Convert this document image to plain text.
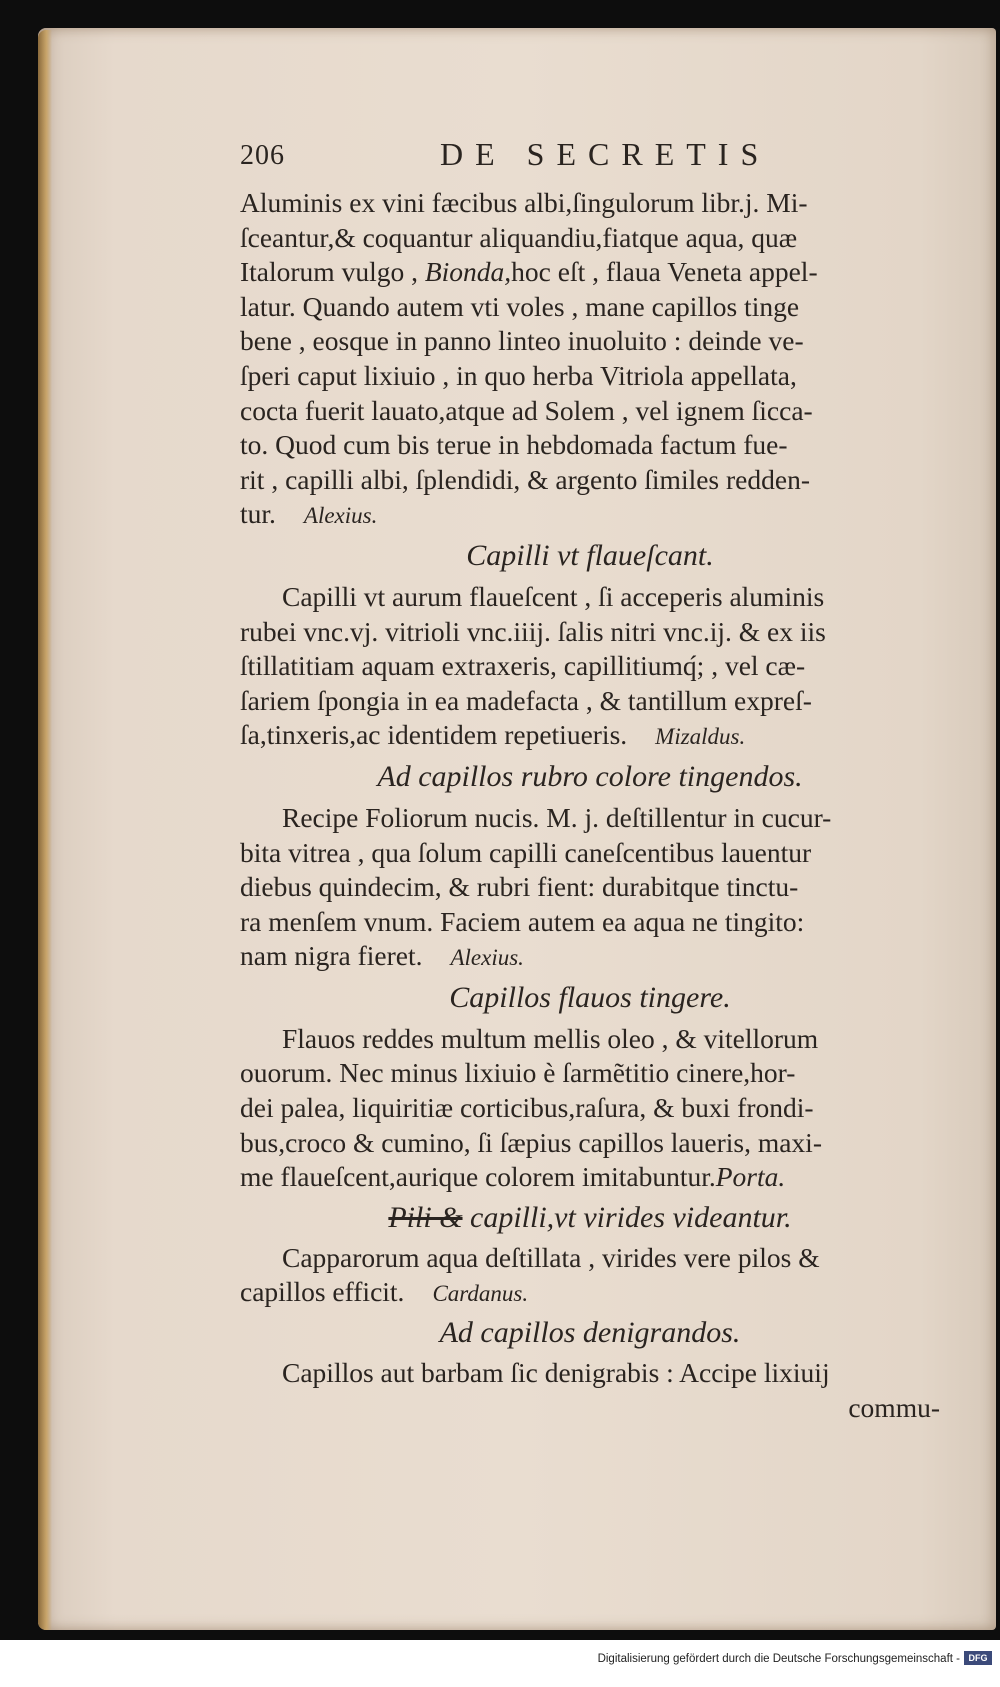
206	DE SECRETIS
Aluminis ex vini fæcibus albi,ſingulorum libr.j. Mi-
ſceantur,& coquantur aliquandiu,fiatque aqua, quæ
Italorum vulgo , Bionda,hoc eſt , flaua Veneta appel-
latur. Quando autem vti voles , mane capillos tinge
bene , eosque in panno linteo inuoluito : deinde ve-
ſperi caput lixiuio , in quo herba Vitriola appellata,
cocta fuerit lauato,atque ad Solem , vel ignem ſicca-
to. Quod cum bis terue in hebdomada factum fue-
rit , capilli albi, ſplendidi, & argento ſimiles redden-
tur. Alexius.
Capilli vt flaueſcant.
Capilli vt aurum flaueſcent , ſi acceperis aluminis
rubei vnc.vj. vitrioli vnc.iiij. ſalis nitri vnc.ij. & ex iis
ſtillatitiam aquam extraxeris, capillitiumq́; , vel cæ-
ſariem ſpongia in ea madefacta , & tantillum expreſ-
ſa,tinxeris,ac identidem repetiueris. Mizaldus.
Ad capillos rubro colore tingendos.
Recipe Foliorum nucis. M. j. deſtillentur in cucur-
bita vitrea , qua ſolum capilli caneſcentibus lauentur
diebus quindecim, & rubri fient: durabitque tinctu-
ra menſem vnum. Faciem autem ea aqua ne tingito:
nam nigra fieret. Alexius.
Capillos flauos tingere.
Flauos reddes multum mellis oleo , & vitellorum
ouorum. Nec minus lixiuio è ſarmẽtitio cinere,hor-
dei palea, liquiritiæ corticibus,raſura, & buxi frondi-
bus,croco & cumino, ſi ſæpius capillos laueris, maxi-
me flaueſcent,aurique colorem imitabuntur.Porta.
Pili & capilli,vt virides videantur.
Capparorum aqua deſtillata , virides vere pilos &
capillos efficit. Cardanus.
Ad capillos denigrandos.
Capillos aut barbam ſic denigrabis : Accipe lixiuij
commu-
Digitalisierung gefördert durch die Deutsche Forschungsgemeinschaft - DFG
